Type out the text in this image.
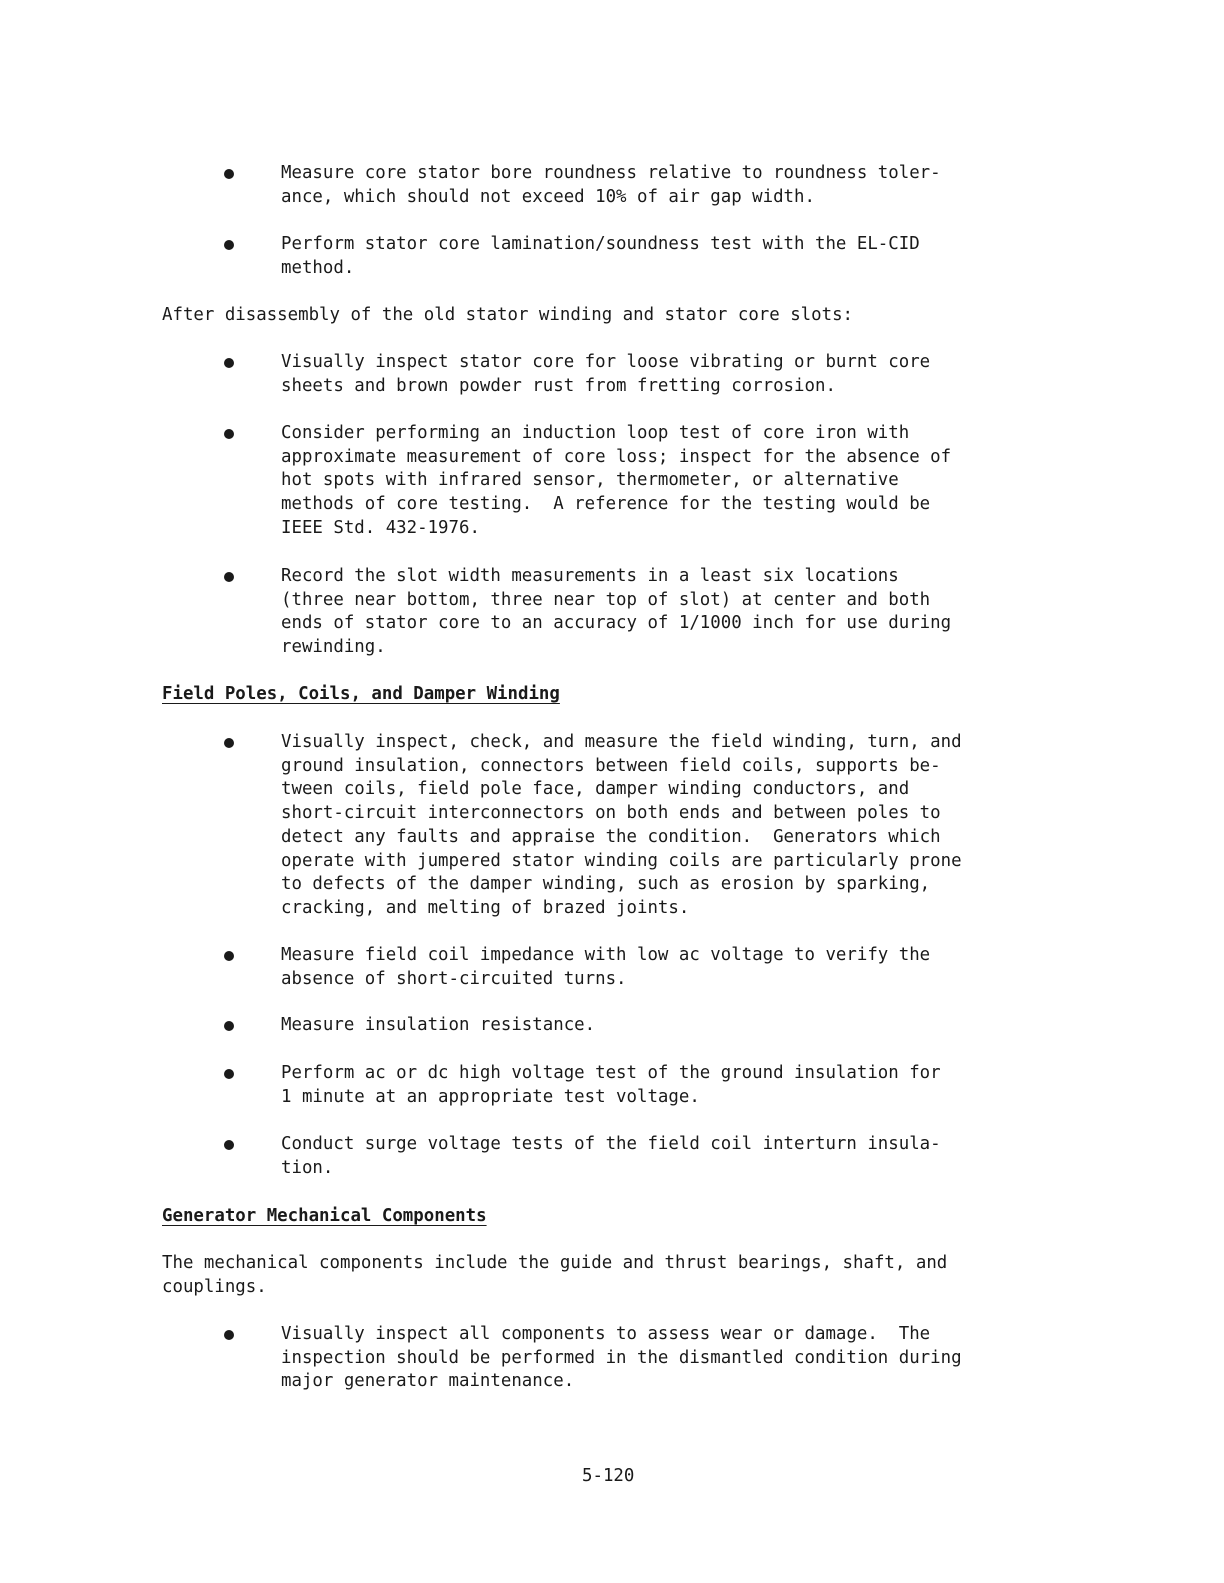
Measure core stator bore roundness relative to roundness toler-
ance, which should not exceed 10% of air gap width.
Perform stator core lamination/soundness test with the EL-CID
method.
After disassembly of the old stator winding and stator core slots:
Visually inspect stator core for loose vibrating or burnt core
sheets and brown powder rust from fretting corrosion.
Consider performing an induction loop test of core iron with
approximate measurement of core loss; inspect for the absence of
hot spots with infrared sensor, thermometer, or alternative
methods of core testing.  A reference for the testing would be
IEEE Std. 432-1976.
Record the slot width measurements in a least six locations
(three near bottom, three near top of slot) at center and both
ends of stator core to an accuracy of 1/1000 inch for use during
rewinding.
Field Poles, Coils, and Damper Winding
Visually inspect, check, and measure the field winding, turn, and
ground insulation, connectors between field coils, supports be-
tween coils, field pole face, damper winding conductors, and
short-circuit interconnectors on both ends and between poles to
detect any faults and appraise the condition.  Generators which
operate with jumpered stator winding coils are particularly prone
to defects of the damper winding, such as erosion by sparking,
cracking, and melting of brazed joints.
Measure field coil impedance with low ac voltage to verify the
absence of short-circuited turns.
Measure insulation resistance.
Perform ac or dc high voltage test of the ground insulation for
1 minute at an appropriate test voltage.
Conduct surge voltage tests of the field coil interturn insula-
tion.
Generator Mechanical Components
The mechanical components include the guide and thrust bearings, shaft, and
couplings.
Visually inspect all components to assess wear or damage.  The
inspection should be performed in the dismantled condition during
major generator maintenance.
5-120
